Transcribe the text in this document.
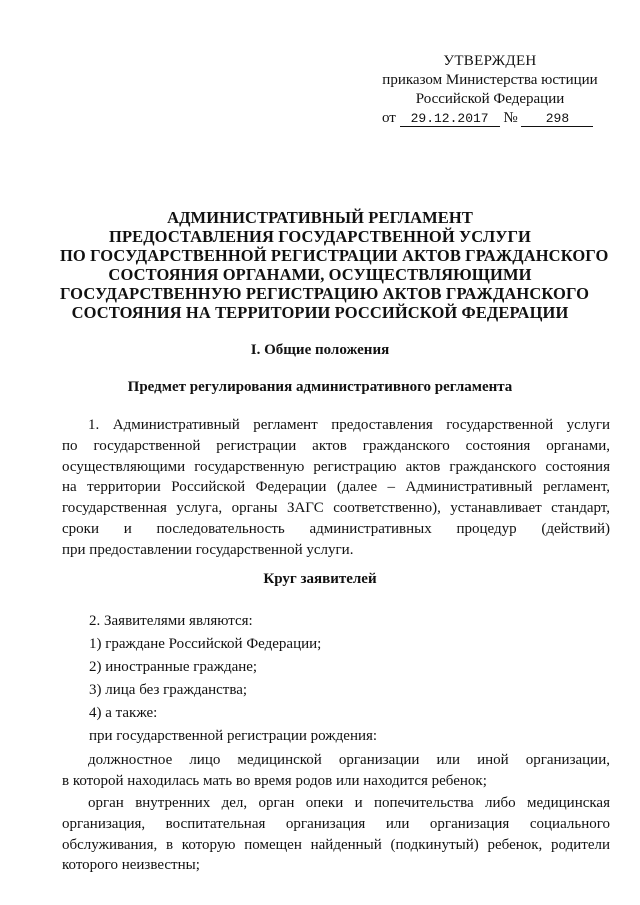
УТВЕРЖДЕН
приказом Министерства юстиции
Российской Федерации
от 29.12.2017 № 298
АДМИНИСТРАТИВНЫЙ РЕГЛАМЕНТ
ПРЕДОСТАВЛЕНИЯ ГОСУДАРСТВЕННОЙ УСЛУГИ
ПО ГОСУДАРСТВЕННОЙ РЕГИСТРАЦИИ АКТОВ ГРАЖДАНСКОГО
СОСТОЯНИЯ ОРГАНАМИ, ОСУЩЕСТВЛЯЮЩИМИ
ГОСУДАРСТВЕННУЮ РЕГИСТРАЦИЮ АКТОВ ГРАЖДАНСКОГО
СОСТОЯНИЯ НА ТЕРРИТОРИИ РОССИЙСКОЙ ФЕДЕРАЦИИ
I. Общие положения
Предмет регулирования административного регламента
1. Административный регламент предоставления государственной услуги
по государственной регистрации актов гражданского состояния органами,
осуществляющими государственную регистрацию актов гражданского состояния
на территории Российской Федерации (далее – Административный регламент,
государственная услуга, органы ЗАГС соответственно), устанавливает стандарт,
сроки и последовательность административных процедур (действий)
при предоставлении государственной услуги.
Круг заявителей
2. Заявителями являются:
1) граждане Российской Федерации;
2) иностранные граждане;
3) лица без гражданства;
4) а также:
при государственной регистрации рождения:
должностное лицо медицинской организации или иной организации,
в которой находилась мать во время родов или находится ребенок;
орган внутренних дел, орган опеки и попечительства либо медицинская
организация, воспитательная организация или организация социального
обслуживания, в которую помещен найденный (подкинутый) ребенок, родители
которого неизвестны;
